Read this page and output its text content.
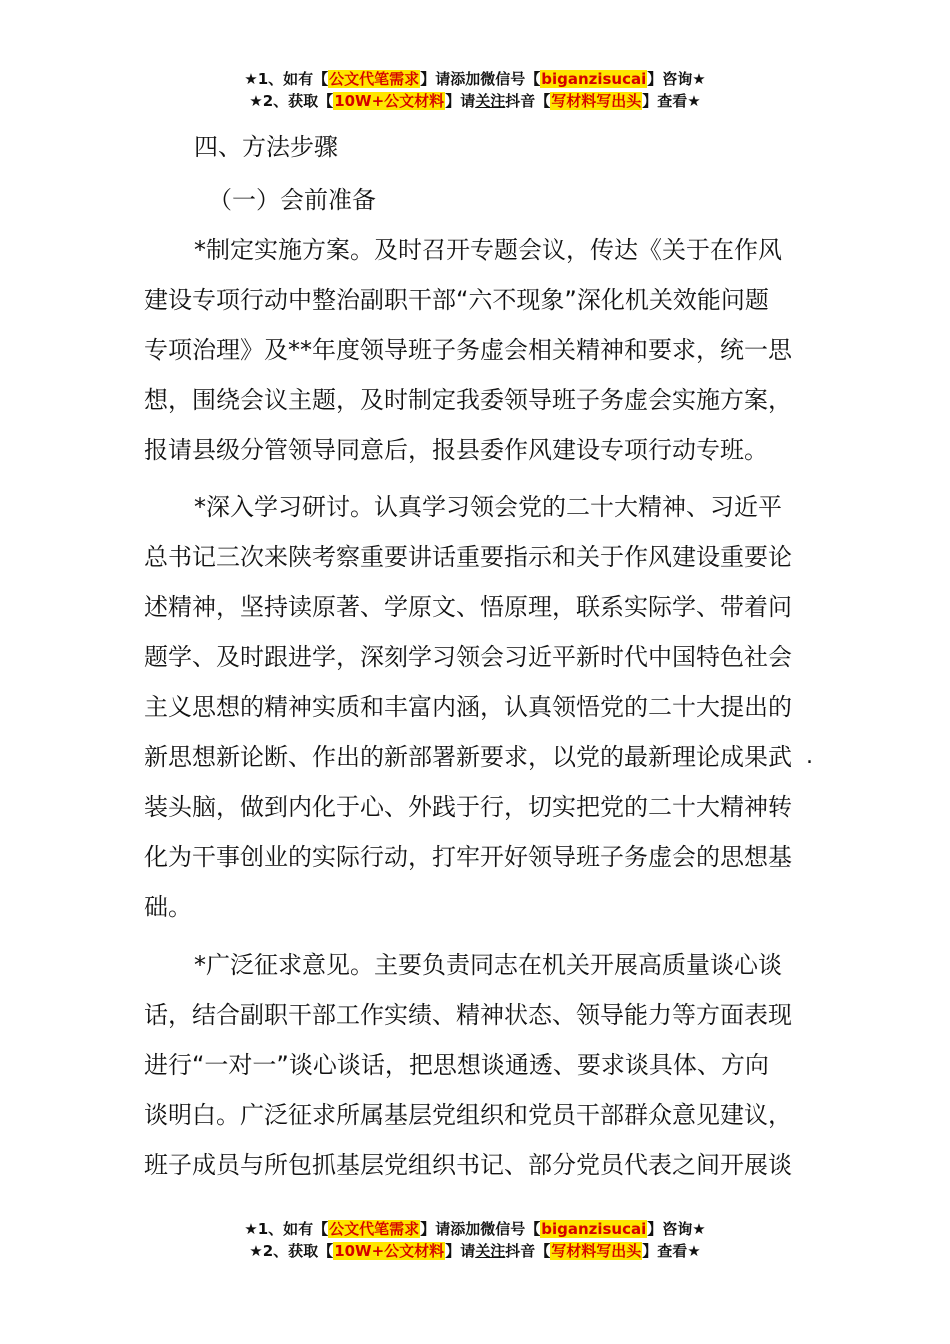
★1、如有【公文代笔需求】请添加微信号【biganzisucai】咨询★
★2、获取【10W+公文材料】请关注抖音【写材料写出头】查看★
四、方法步骤
（一）会前准备
*制定实施方案。及时召开专题会议，传达《关于在作风
建设专项行动中整治副职干部“六不现象”深化机关效能问题
专项治理》及**年度领导班子务虚会相关精神和要求，统一思
想，围绕会议主题，及时制定我委领导班子务虚会实施方案，
报请县级分管领导同意后，报县委作风建设专项行动专班。
*深入学习研讨。认真学习领会党的二十大精神、习近平
总书记三次来陕考察重要讲话重要指示和关于作风建设重要论
述精神，坚持读原著、学原文、悟原理，联系实际学、带着问
题学、及时跟进学，深刻学习领会习近平新时代中国特色社会
主义思想的精神实质和丰富内涵，认真领悟党的二十大提出的
新思想新论断、作出的新部署新要求，以党的最新理论成果武
装头脑，做到内化于心、外践于行，切实把党的二十大精神转
化为干事创业的实际行动，打牢开好领导班子务虚会的思想基
础。
.
*广泛征求意见。主要负责同志在机关开展高质量谈心谈
话，结合副职干部工作实绩、精神状态、领导能力等方面表现
进行“一对一”谈心谈话，把思想谈通透、要求谈具体、方向
谈明白。广泛征求所属基层党组织和党员干部群众意见建议，
班子成员与所包抓基层党组织书记、部分党员代表之间开展谈
★1、如有【公文代笔需求】请添加微信号【biganzisucai】咨询★
★2、获取【10W+公文材料】请关注抖音【写材料写出头】查看★
